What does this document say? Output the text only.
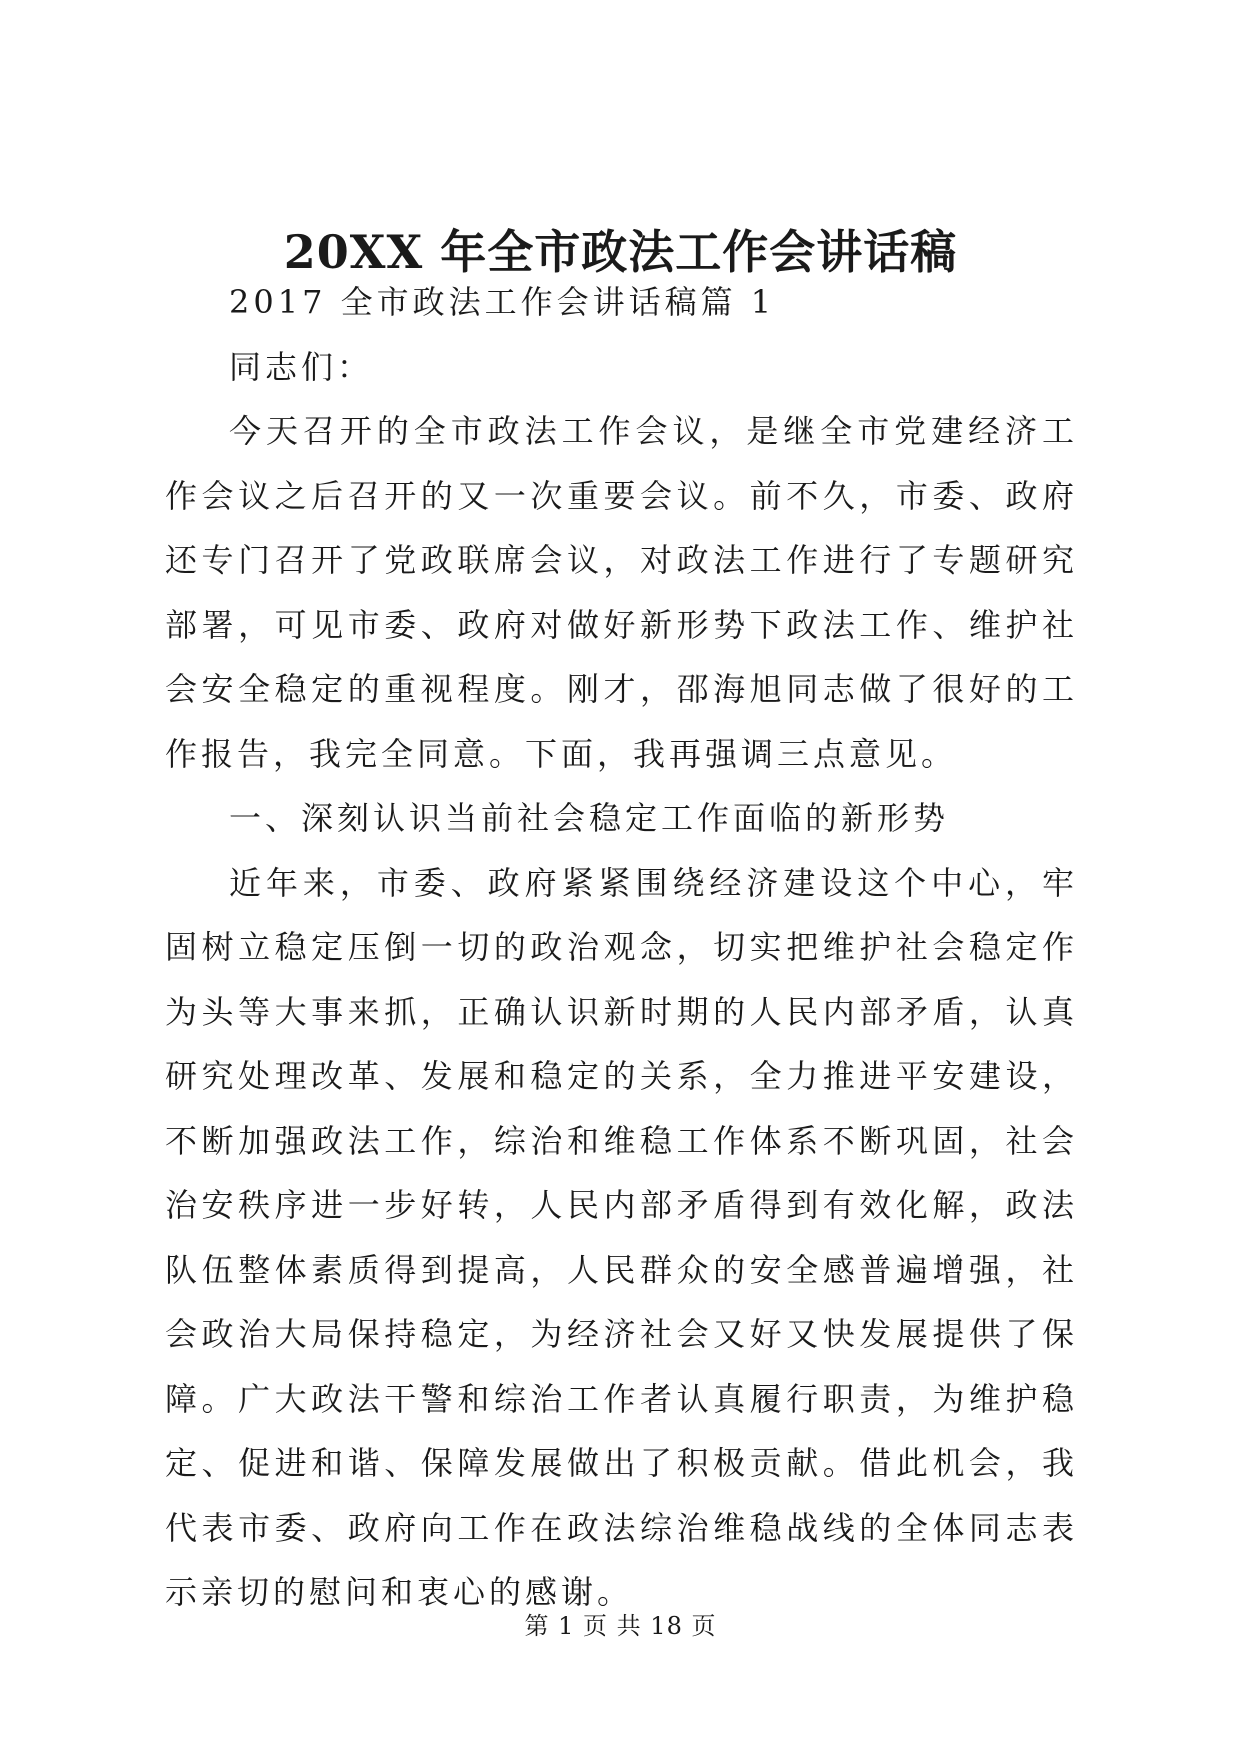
20XX 年全市政法工作会讲话稿

2017 全市政法工作会讲话稿篇 1

同志们：

今天召开的全市政法工作会议，是继全市党建经济工作会议之后召开的又一次重要会议。前不久，市委、政府还专门召开了党政联席会议，对政法工作进行了专题研究部署，可见市委、政府对做好新形势下政法工作、维护社会安全稳定的重视程度。刚才，邵海旭同志做了很好的工作报告，我完全同意。下面，我再强调三点意见。

一、深刻认识当前社会稳定工作面临的新形势

近年来，市委、政府紧紧围绕经济建设这个中心，牢固树立稳定压倒一切的政治观念，切实把维护社会稳定作为头等大事来抓，正确认识新时期的人民内部矛盾，认真研究处理改革、发展和稳定的关系，全力推进平安建设，不断加强政法工作，综治和维稳工作体系不断巩固，社会治安秩序进一步好转，人民内部矛盾得到有效化解，政法队伍整体素质得到提高，人民群众的安全感普遍增强，社会政治大局保持稳定，为经济社会又好又快发展提供了保障。广大政法干警和综治工作者认真履行职责，为维护稳定、促进和谐、保障发展做出了积极贡献。借此机会，我代表市委、政府向工作在政法综治维稳战线的全体同志表示亲切的慰问和衷心的感谢。

第 1 页 共 18 页
